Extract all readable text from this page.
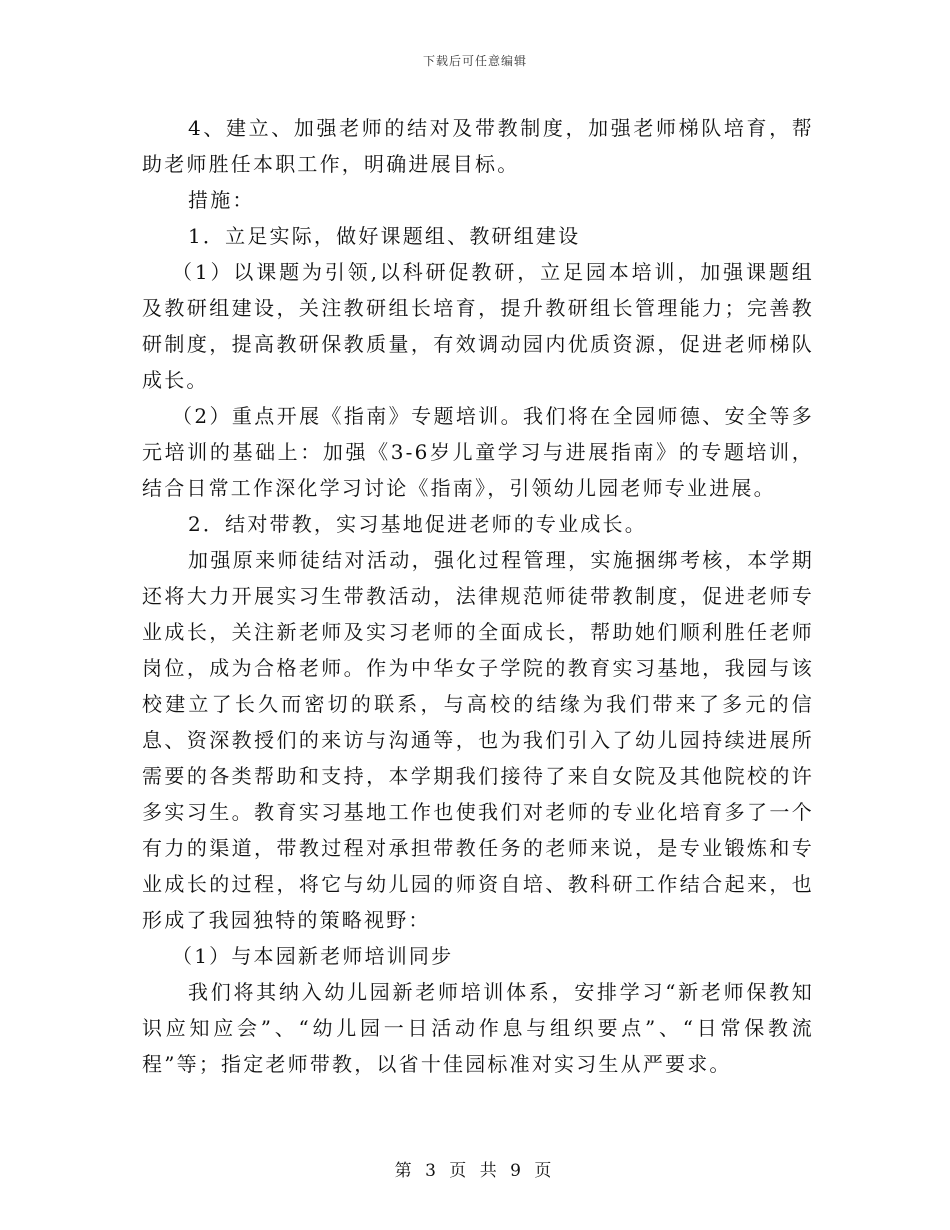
下载后可任意编辑

4、建立、加强老师的结对及带教制度，加强老师梯队培育，帮助老师胜任本职工作，明确进展目标。

措施：

1．立足实际，做好课题组、教研组建设

（1）以课题为引领,以科研促教研，立足园本培训，加强课题组及教研组建设，关注教研组长培育，提升教研组长管理能力；完善教研制度，提高教研保教质量，有效调动园内优质资源，促进老师梯队成长。

（2）重点开展《指南》专题培训。我们将在全园师德、安全等多元培训的基础上：加强《3-6岁儿童学习与进展指南》的专题培训，结合日常工作深化学习讨论《指南》，引领幼儿园老师专业进展。

2．结对带教，实习基地促进老师的专业成长。

加强原来师徒结对活动，强化过程管理，实施捆绑考核，本学期还将大力开展实习生带教活动，法律规范师徒带教制度，促进老师专业成长，关注新老师及实习老师的全面成长，帮助她们顺利胜任老师岗位，成为合格老师。作为中华女子学院的教育实习基地，我园与该校建立了长久而密切的联系，与高校的结缘为我们带来了多元的信息、资深教授们的来访与沟通等，也为我们引入了幼儿园持续进展所需要的各类帮助和支持，本学期我们接待了来自女院及其他院校的许多实习生。教育实习基地工作也使我们对老师的专业化培育多了一个有力的渠道，带教过程对承担带教任务的老师来说，是专业锻炼和专业成长的过程，将它与幼儿园的师资自培、教科研工作结合起来，也形成了我园独特的策略视野：

（1）与本园新老师培训同步

我们将其纳入幼儿园新老师培训体系，安排学习“新老师保教知识应知应会”、“幼儿园一日活动作息与组织要点”、“日常保教流程”等；指定老师带教，以省十佳园标准对实习生从严要求。

第 3 页 共 9 页
